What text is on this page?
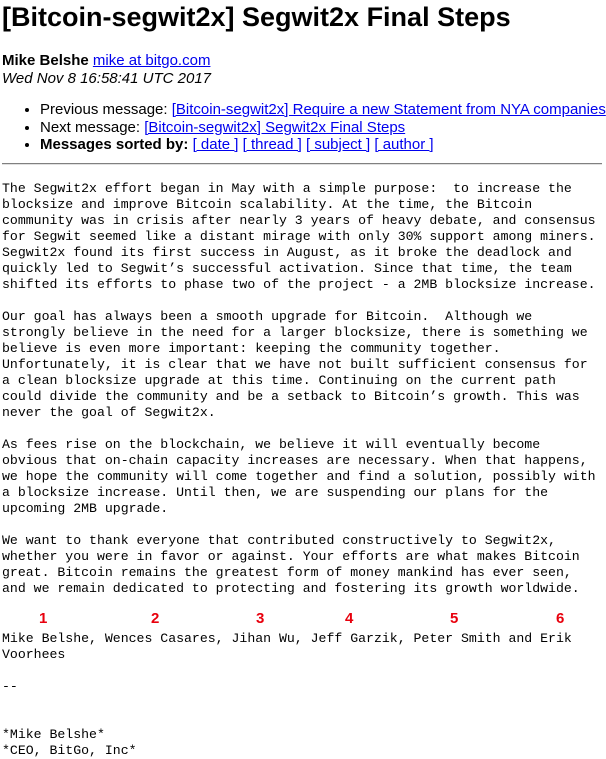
[Bitcoin-segwit2x] Segwit2x Final Steps
Mike Belshe mike at bitgo.com
Wed Nov 8 16:58:41 UTC 2017
• Previous message: [Bitcoin-segwit2x] Require a new Statement from NYA companies
• Next message: [Bitcoin-segwit2x] Segwit2x Final Steps
• Messages sorted by: [ date ] [ thread ] [ subject ] [ author ]
The Segwit2x effort began in May with a simple purpose:  to increase the
blocksize and improve Bitcoin scalability. At the time, the Bitcoin
community was in crisis after nearly 3 years of heavy debate, and consensus
for Segwit seemed like a distant mirage with only 30% support among miners.
Segwit2x found its first success in August, as it broke the deadlock and
quickly led to Segwit’s successful activation. Since that time, the team
shifted its efforts to phase two of the project - a 2MB blocksize increase.
Our goal has always been a smooth upgrade for Bitcoin.  Although we
strongly believe in the need for a larger blocksize, there is something we
believe is even more important: keeping the community together.
Unfortunately, it is clear that we have not built sufficient consensus for
a clean blocksize upgrade at this time. Continuing on the current path
could divide the community and be a setback to Bitcoin’s growth. This was
never the goal of Segwit2x.
As fees rise on the blockchain, we believe it will eventually become
obvious that on-chain capacity increases are necessary. When that happens,
we hope the community will come together and find a solution, possibly with
a blocksize increase. Until then, we are suspending our plans for the
upcoming 2MB upgrade.
We want to thank everyone that contributed constructively to Segwit2x,
whether you were in favor or against. Your efforts are what makes Bitcoin
great. Bitcoin remains the greatest form of money mankind has ever seen,
and we remain dedicated to protecting and fostering its growth worldwide.
1	2	3	4	5	6
Mike Belshe, Wences Casares, Jihan Wu, Jeff Garzik, Peter Smith and Erik
Voorhees
--

*Mike Belshe*
*CEO, BitGo, Inc*
